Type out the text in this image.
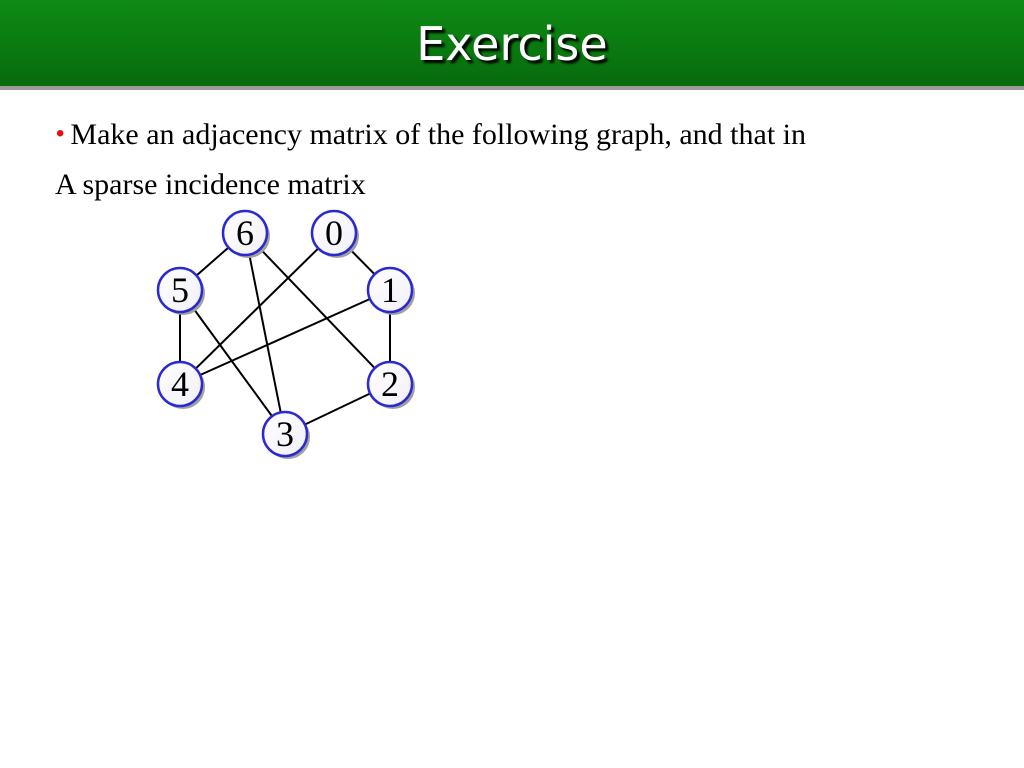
Exercise
• Make an adjacency matrix of the following graph, and that in
A sparse incidence matrix
6 0
5	1
4	2
3
